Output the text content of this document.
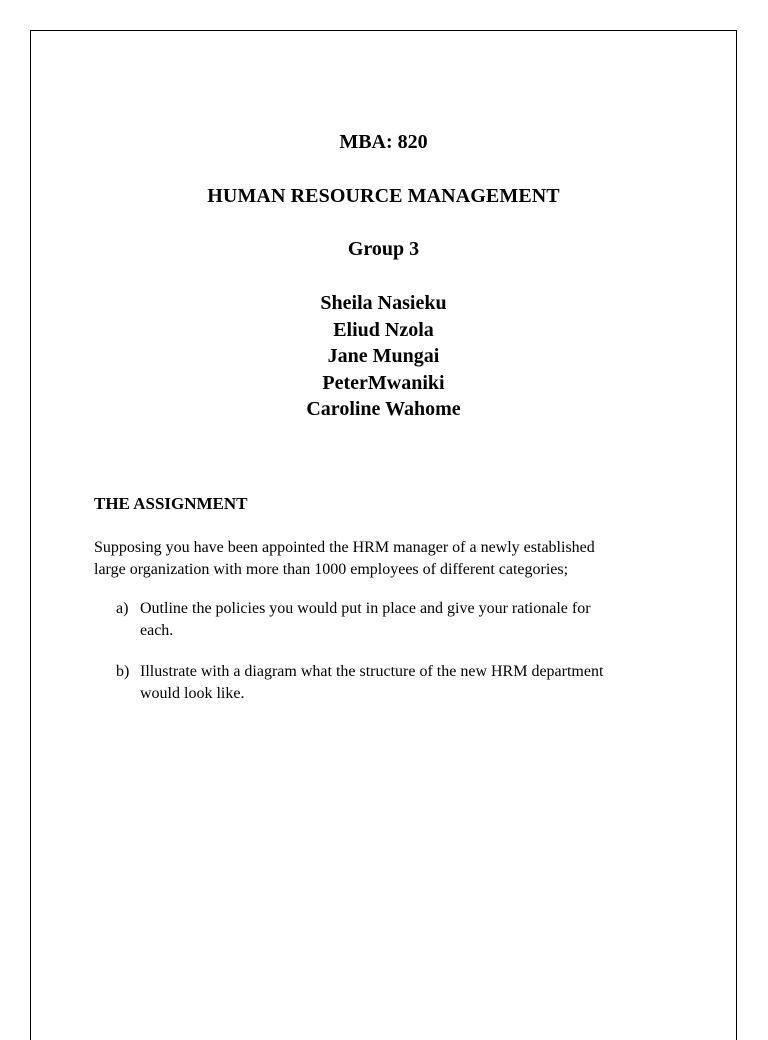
MBA: 820
HUMAN RESOURCE MANAGEMENT
Group 3
Sheila Nasieku
Eliud Nzola
Jane Mungai
PeterMwaniki
Caroline Wahome
THE ASSIGNMENT
Supposing you have been appointed the HRM manager of a newly established
large organization with more than 1000 employees of different categories;
a) Outline the policies you would put in place and give your rationale for
each.
b) Illustrate with a diagram what the structure of the new HRM department
would look like.
